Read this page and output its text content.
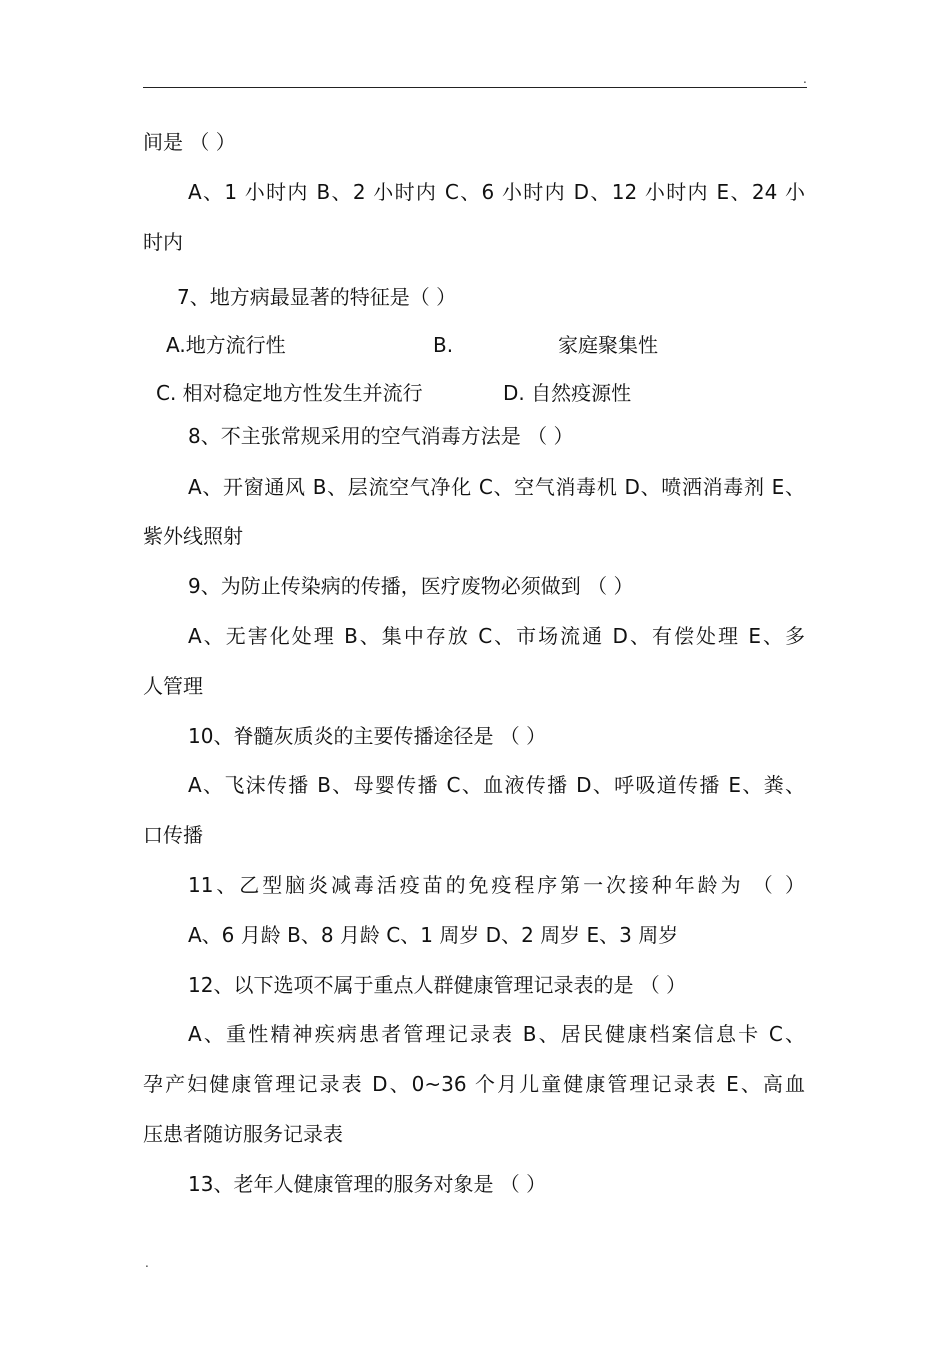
.
.
间是 （ ）
A、1 小时内 B、2 小时内 C、6 小时内 D、12 小时内 E、24 小
时内
7、地方病最显著的特征是（ ）
A.地方流行性	B.	家庭聚集性
C. 相对稳定地方性发生并流行	D. 自然疫源性
8、不主张常规采用的空气消毒方法是 （ ）
A、开窗通风 B、层流空气净化 C、空气消毒机 D、喷洒消毒剂 E、
紫外线照射
9、为防止传染病的传播，医疗废物必须做到 （ ）
A、无害化处理 B、集中存放 C、市场流通 D、有偿处理 E、多
人管理
10、脊髓灰质炎的主要传播途径是 （ ）
A、飞沫传播 B、母婴传播 C、血液传播 D、呼吸道传播 E、粪、
口传播
11、乙型脑炎减毒活疫苗的免疫程序第一次接种年龄为 （ ）
A、6 月龄 B、8 月龄 C、1 周岁 D、2 周岁 E、3 周岁
12、以下选项不属于重点人群健康管理记录表的是 （ ）
A、重性精神疾病患者管理记录表 B、居民健康档案信息卡 C、
孕产妇健康管理记录表 D、0~36 个月儿童健康管理记录表 E、高血
压患者随访服务记录表
13、老年人健康管理的服务对象是 （ ）
